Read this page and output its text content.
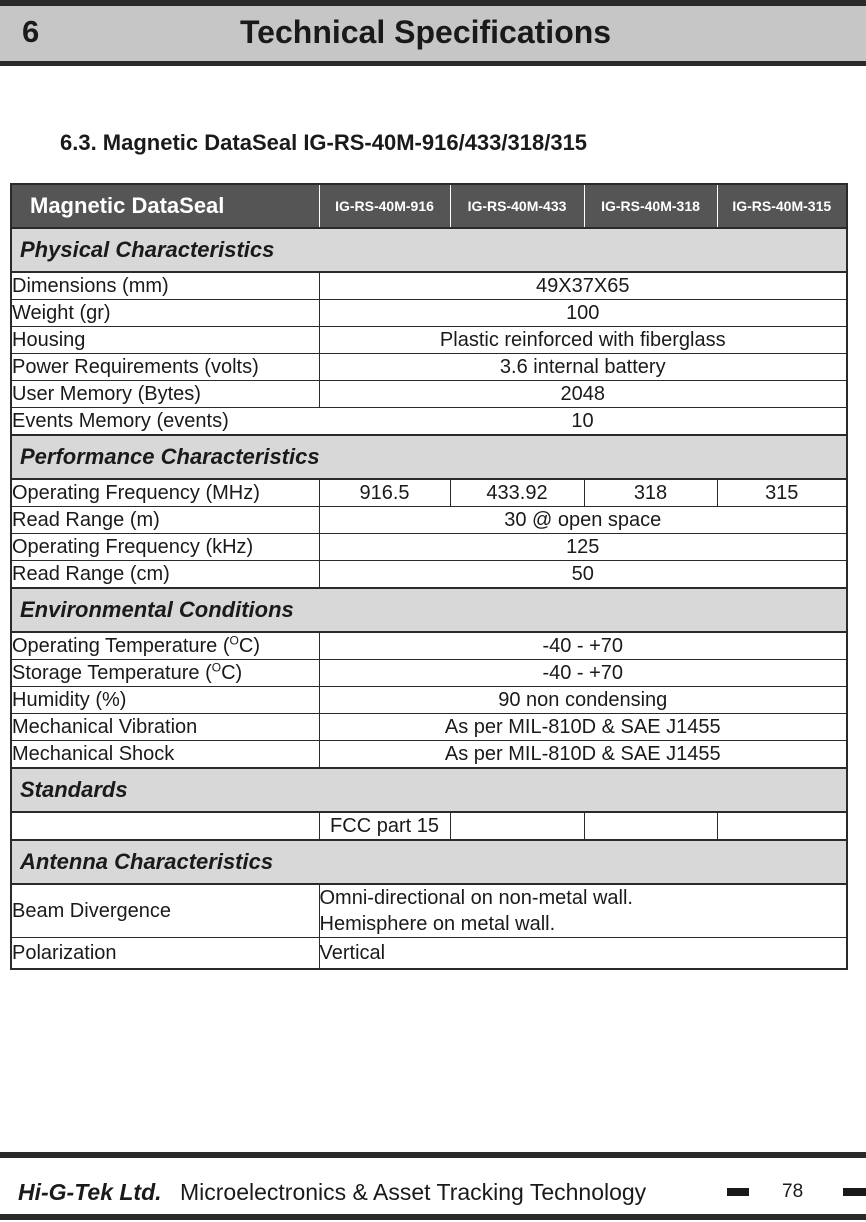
6	Technical Specifications
6.3. Magnetic DataSeal IG-RS-40M-916/433/318/315
Magnetic DataSeal	IG-RS-40M-916	IG-RS-40M-433	IG-RS-40M-318	IG-RS-40M-315
Physical Characteristics				
Dimensions (mm)	49X37X65			
Weight (gr)	100			
Housing	Plastic reinforced with fiberglass			
Power Requirements (volts)	3.6 internal battery			
User Memory (Bytes)	2048			
Events Memory (events)	10			
Performance Characteristics				
Operating Frequency (MHz)	916.5	433.92	318	315
Read Range (m)	30 @ open space			
Operating Frequency (kHz)	125			
Read Range (cm)	50			
Environmental Conditions				
Operating Temperature ($^O$C)	-40 - +70			
Storage Temperature ($^O$C)	-40 - +70			
Humidity (%)	90 non condensing			
Mechanical Vibration	As per MIL-810D & SAE J1455			
Mechanical Shock	As per MIL-810D & SAE J1455			
Standards				
	FCC part 15			
Antenna Characteristics				
Beam Divergence	Omni-directional on non-metal wall.
Hemisphere on metal wall.			

Polarization	Vertical			
Hi-G-Tek Ltd. Microelectronics & Asset Tracking Technology	78
